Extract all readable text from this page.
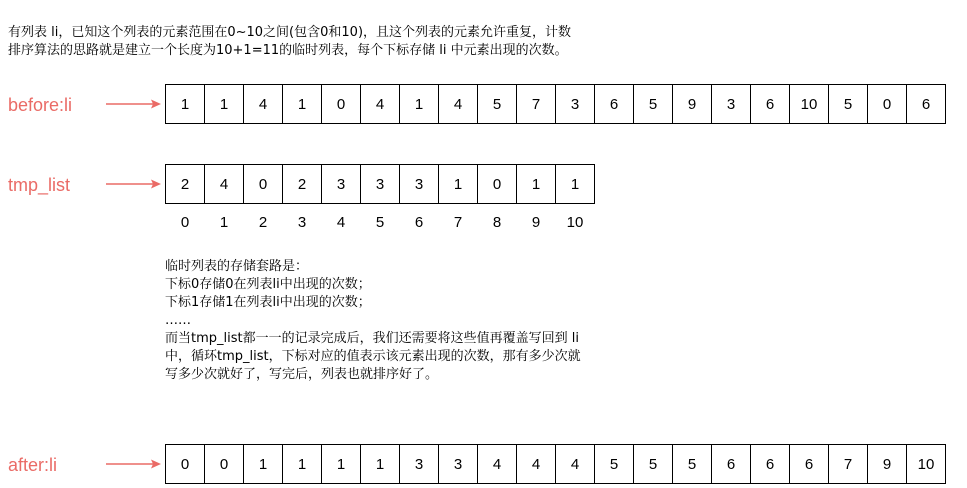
有列表 li，已知这个列表的元素范围在0~10之间(包含0和10)，且这个列表的元素允许重复，计数
排序算法的思路就是建立一个长度为10+1=11的临时列表，每个下标存储 li 中元素出现的次数。
before:li	1	1	4	1	0	4	1	4	5	7	3	6	5	9	3	6	10	5	0	6
tmp_list	2	4	0	2	3	3	3	1	0	1	1
0	1	2	3	4	5	6	7	8	9	10
临时列表的存储套路是：
下标0存储0在列表li中出现的次数；
下标1存储1在列表li中出现的次数；
……
而当tmp_list都一一的记录完成后，我们还需要将这些值再覆盖写回到 li
中，循环tmp_list，下标对应的值表示该元素出现的次数，那有多少次就
写多少次就好了，写完后，列表也就排序好了。
after:li	0	0	1	1	1	1	3	3	4	4	4	5	5	5	6	6	6	7	9	10
